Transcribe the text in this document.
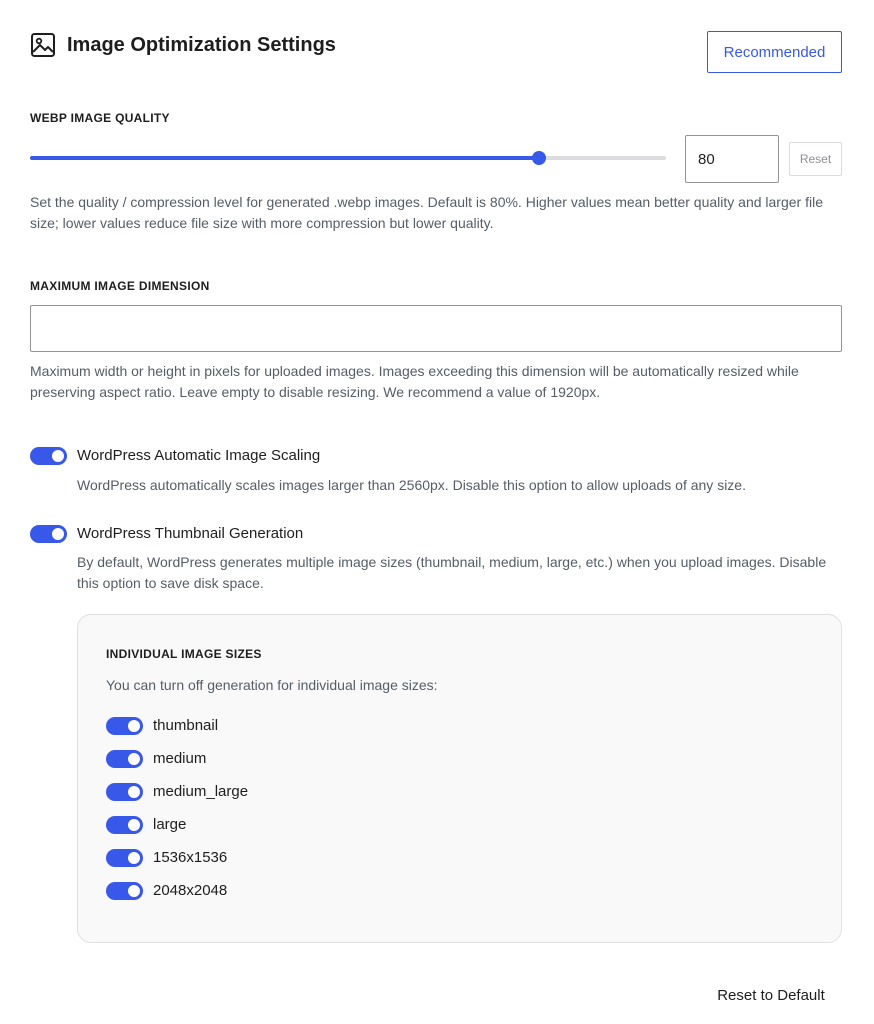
Image Optimization Settings	Recommended
WEBP IMAGE QUALITY
80
Reset
Set the quality / compression level for generated .webp images. Default is 80%. Higher values mean better quality and larger file size; lower values reduce file size with more compression but lower quality.
MAXIMUM IMAGE DIMENSION
Maximum width or height in pixels for uploaded images. Images exceeding this dimension will be automatically resized while preserving aspect ratio. Leave empty to disable resizing. We recommend a value of 1920px.
WordPress Automatic Image Scaling
WordPress automatically scales images larger than 2560px. Disable this option to allow uploads of any size.
WordPress Thumbnail Generation
By default, WordPress generates multiple image sizes (thumbnail, medium, large, etc.) when you upload images. Disable this option to save disk space.
INDIVIDUAL IMAGE SIZES
You can turn off generation for individual image sizes:
thumbnail
medium
medium_large
large
1536x1536
2048x2048
Reset to Default
